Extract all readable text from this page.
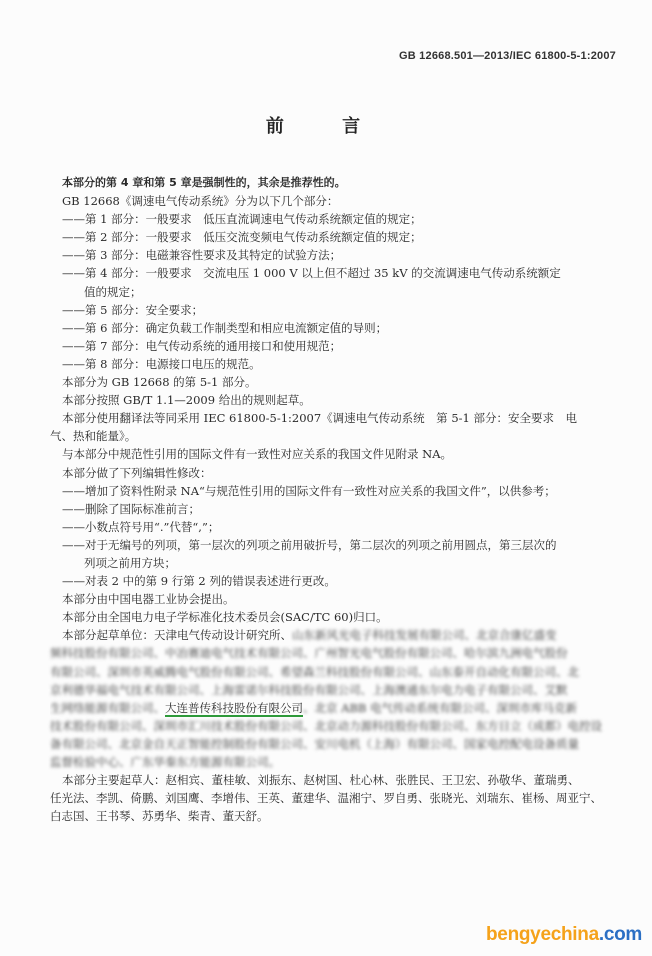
GB 12668.501—2013/IEC 61800-5-1:2007
前 言
本部分的第 4 章和第 5 章是强制性的，其余是推荐性的。
GB 12668《调速电气传动系统》分为以下几个部分：
——第 1 部分：一般要求　低压直流调速电气传动系统额定值的规定；
——第 2 部分：一般要求　低压交流变频电气传动系统额定值的规定；
——第 3 部分：电磁兼容性要求及其特定的试验方法；
——第 4 部分：一般要求　交流电压 1 000 V 以上但不超过 35 kV 的交流调速电气传动系统额定
值的规定；
——第 5 部分：安全要求；
——第 6 部分：确定负载工作制类型和相应电流额定值的导则；
——第 7 部分：电气传动系统的通用接口和使用规范；
——第 8 部分：电源接口电压的规范。
本部分为 GB 12668 的第 5-1 部分。
本部分按照 GB/T 1.1—2009 给出的规则起草。
本部分使用翻译法等同采用 IEC 61800-5-1:2007《调速电气传动系统　第 5-1 部分：安全要求　电
气、热和能量》。
与本部分中规范性引用的国际文件有一致性对应关系的我国文件见附录 NA。
本部分做了下列编辑性修改：
——增加了资料性附录 NA“与规范性引用的国际文件有一致性对应关系的我国文件”，以供参考；
——删除了国际标准前言；
——小数点符号用“.”代替“,”；
——对于无编号的列项，第一层次的列项之前用破折号，第二层次的列项之前用圆点，第三层次的
列项之前用方块；
——对表 2 中的第 9 行第 2 列的错误表述进行更改。
本部分由中国电器工业协会提出。
本部分由全国电力电子学标准化技术委员会(SAC/TC 60)归口。
本部分起草单位：天津电气传动设计研究所、山东新风光电子科技发展有限公司、北京合康亿盛变
频科技股份有限公司、中冶赛迪电气技术有限公司、广州智光电气股份有限公司、哈尔滨九洲电气股份
有限公司、深圳市英威腾电气股份有限公司、希望森兰科技股份有限公司、山东泰开自动化有限公司、北
京利德华福电气技术有限公司、上海雷诺尔科技股份有限公司、上海澳通东尔电力电子有限公司、艾默
生网络能源有限公司、大连普传科技股份有限公司、北京 ABB 电气传动系统有限公司、深圳市库马克新
技术股份有限公司、深圳市汇川技术股份有限公司、北京动力源科技股份有限公司、东方日立（成都）电控设
备有限公司、北京金自天正智能控制股份有限公司、安川电机（上海）有限公司、国家电控配电设备质量
监督检验中心、广东华秦东方能源有限公司。
本部分主要起草人：赵相宾、董桂敏、刘振东、赵树国、杜心林、张胜民、王卫宏、孙敬华、董瑞勇、
任光法、李凯、倚鹏、刘国鹰、李增伟、王英、董建华、温湘宁、罗自勇、张晓光、刘瑞东、崔杨、周亚宁、
白志国、王书琴、苏勇华、柴青、董天舒。
bengyechina.com
